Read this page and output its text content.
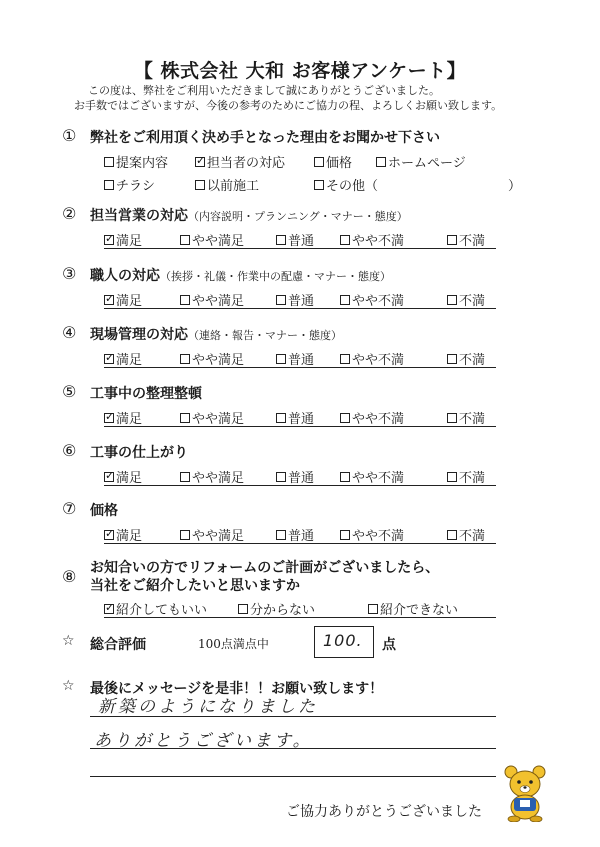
【 株式会社 大和 お客様アンケート】
この度は、弊社をご利用いただきまして誠にありがとうございました。
お手数ではございますが、今後の参考のためにご協力の程、よろしくお願い致します。
① 弊社をご利用頂く決め手となった理由をお聞かせ下さい
提案内容
✓	担当者の対応	価格	ホームページ
チラシ	以前施工	その他（	）
② 担当営業の対応（内容説明・プランニング・マナー・態度）
✓
満足	やや満足	普通	やや不満	不満
③ 職人の対応（挨拶・礼儀・作業中の配慮・マナー・態度）
✓
満足	やや満足	普通	やや不満	不満
④ 現場管理の対応（連絡・報告・マナー・態度）
✓
満足	やや満足	普通	やや不満	不満
⑤ 工事中の整理整頓
✓
満足	やや満足	普通	やや不満	不満
⑥ 工事の仕上がり
✓
満足	やや満足	普通	やや不満	不満
⑦ 価格
✓
満足	やや満足	普通	やや不満	不満
⑧ お知合いの方でリフォームのご計画がございましたら、
当社をご紹介したいと思いますか
✓
紹介してもいい	分からない	紹介できない
☆ 総合評価	100点満点中	100. 点
☆ 最後にメッセージを是非！！お願い致します！
新築のようになりました
ありがとうございます。
ご協力ありがとうございました
